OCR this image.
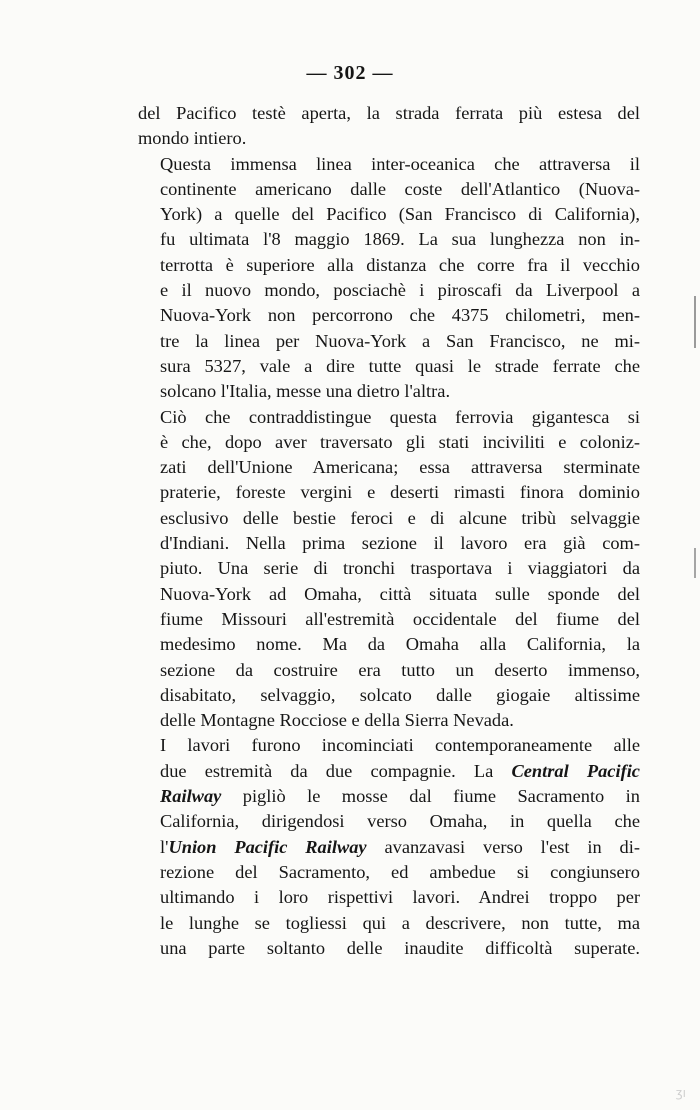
— 302 —

del Pacifico testè aperta, la strada ferrata più estesa del
mondo intiero.

Questa immensa linea inter-oceanica che attraversa il
continente americano dalle coste dell'Atlantico (Nuova-
York) a quelle del Pacifico (San Francisco di California),
fu ultimata l'8 maggio 1869. La sua lunghezza non in-
terrotta è superiore alla distanza che corre fra il vecchio
e il nuovo mondo, posciachè i piroscafi da Liverpool a
Nuova-York non percorrono che 4375 chilometri, men-
tre la linea per Nuova-York a San Francisco, ne mi-
sura 5327, vale a dire tutte quasi le strade ferrate che
solcano l'Italia, messe una dietro l'altra.

Ciò che contraddistingue questa ferrovia gigantesca si
è che, dopo aver traversato gli stati inciviliti e coloniz-
zati dell'Unione Americana; essa attraversa sterminate
praterie, foreste vergini e deserti rimasti finora dominio
esclusivo delle bestie feroci e di alcune tribù selvaggie
d'Indiani. Nella prima sezione il lavoro era già com-
piuto. Una serie di tronchi trasportava i viaggiatori da
Nuova-York ad Omaha, città situata sulle sponde del
fiume Missouri all'estremità occidentale del fiume del
medesimo nome. Ma da Omaha alla California, la
sezione da costruire era tutto un deserto immenso,
disabitato, selvaggio, solcato dalle giogaie altissime
delle Montagne Rocciose e della Sierra Nevada.

I lavori furono incominciati contemporaneamente alle
due estremità da due compagnie. La Central Pacific
Railway pigliò le mosse dal fiume Sacramento in
California, dirigendosi verso Omaha, in quella che
l'Union Pacific Railway avanzavasi verso l'est in di-
rezione del Sacramento, ed ambedue si congiunsero
ultimando i loro rispettivi lavori. Andrei troppo per
le lunghe se togliessi qui a descrivere, non tutte, ma
una parte soltanto delle inaudite difficoltà superate.

ʒı
